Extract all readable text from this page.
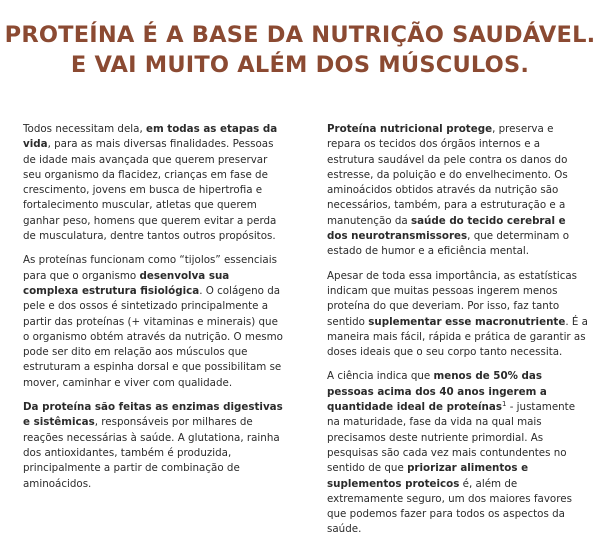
PROTEÍNA É A BASE DA NUTRIÇÃO SAUDÁVEL.
E VAI MUITO ALÉM DOS MÚSCULOS.

Todos necessitam dela, em todas as etapas da vida, para as mais diversas finalidades. Pessoas de idade mais avançada que querem preservar seu organismo da flacidez, crianças em fase de crescimento, jovens em busca de hipertrofia e fortalecimento muscular, atletas que querem ganhar peso, homens que querem evitar a perda de musculatura, dentre tantos outros propósitos.

As proteínas funcionam como “tijolos” essenciais para que o organismo desenvolva sua complexa estrutura fisiológica. O colágeno da pele e dos ossos é sintetizado principalmente a partir das proteínas (+ vitaminas e minerais) que o organismo obtém através da nutrição. O mesmo pode ser dito em relação aos músculos que estruturam a espinha dorsal e que possibilitam se mover, caminhar e viver com qualidade.

Da proteína são feitas as enzimas digestivas e sistêmicas, responsáveis por milhares de reações necessárias à saúde. A glutationa, rainha dos antioxidantes, também é produzida, principalmente a partir de combinação de aminoácidos.

Proteína nutricional protege, preserva e repara os tecidos dos órgãos internos e a estrutura saudável da pele contra os danos do estresse, da poluição e do envelhecimento. Os aminoácidos obtidos através da nutrição são necessários, também, para a estruturação e a manutenção da saúde do tecido cerebral e dos neurotransmissores, que determinam o estado de humor e a eficiência mental.

Apesar de toda essa importância, as estatísticas indicam que muitas pessoas ingerem menos proteína do que deveriam. Por isso, faz tanto sentido suplementar esse macronutriente. É a maneira mais fácil, rápida e prática de garantir as doses ideais que o seu corpo tanto necessita.

A ciência indica que menos de 50% das pessoas acima dos 40 anos ingerem a quantidade ideal de proteínas$^1$ - justamente na maturidade, fase da vida na qual mais precisamos deste nutriente primordial. As pesquisas são cada vez mais contundentes no sentido de que priorizar alimentos e suplementos proteicos é, além de extremamente seguro, um dos maiores favores que podemos fazer para todos os aspectos da saúde.
